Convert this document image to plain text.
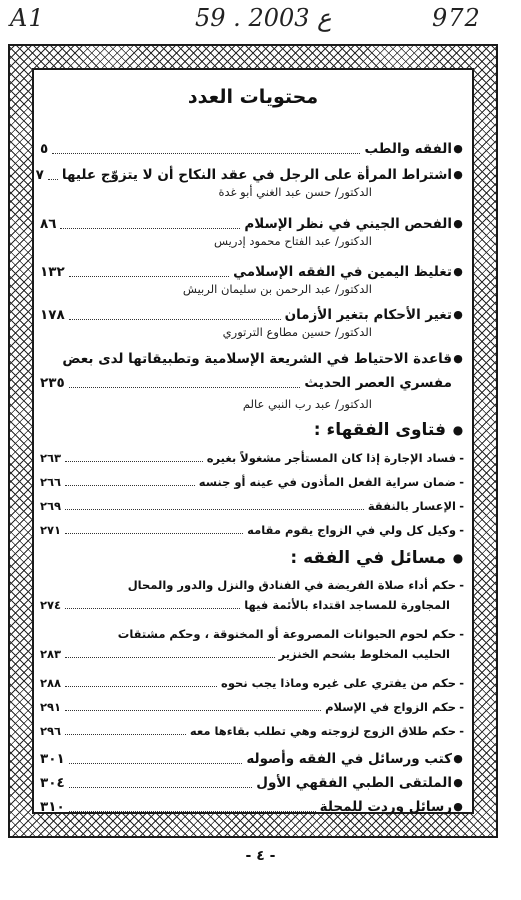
A1	59 . ع 2003	972
محتويات العدد
●
الفقه والطب
٥
●
اشتراط المرأة على الرجل في عقد النكاح أن لا يتزوّج عليها
٧
الدكتور/ حسن عبد الغني أبو غدة
●
الفحص الجيني في نظر الإسلام
٨٦
الدكتور/ عبد الفتاح محمود إدريس
●
تغليظ اليمين في الفقه الإسلامي
١٣٢
الدكتور/ عبد الرحمن بن سليمان الربيش
●
تغير الأحكام بتغير الأزمان
١٧٨
الدكتور/ حسين مطاوع الترتوري
●
قاعدة الاحتياط في الشريعة الإسلامية وتطبيقاتها لدى بعض
مفسري العصر الحديث
٢٣٥
الدكتور/ عبد رب النبي عالم
●
فتاوى الفقهاء :
-
فساد الإجارة إذا كان المستأجر مشغولاً بغيره
٢٦٣
-
ضمان سراية الفعل المأذون في عينه أو جنسه
٢٦٦
-
الإعسار بالنفقة
٢٦٩
-
وكيل كل ولي في الزواج يقوم مقامه
٢٧١
●
مسائل في الفقه :
-
حكم أداء صلاة الفريضة في الفنادق والنزل والدور والمحال
المجاورة للمساجد اقتداء بالأئمة فيها
٢٧٤
-
حكم لحوم الحيوانات المصروعة أو المخنوقة ، وحكم مشتقات
الحليب المخلوط بشحم الخنزير
٢٨٣
-
حكم من يفتري على غيره وماذا يجب نحوه
٢٨٨
-
حكم الزواج في الإسلام
٢٩١
-
حكم طلاق الزوج لزوجته وهي تطلب بقاءها معه
٢٩٦
●
كتب ورسائل في الفقه وأصوله
٣٠١
●
الملتقى الطبي الفقهي الأول
٣٠٤
●
رسائل وردت للمجلة
٣١٠
- ٤ -
